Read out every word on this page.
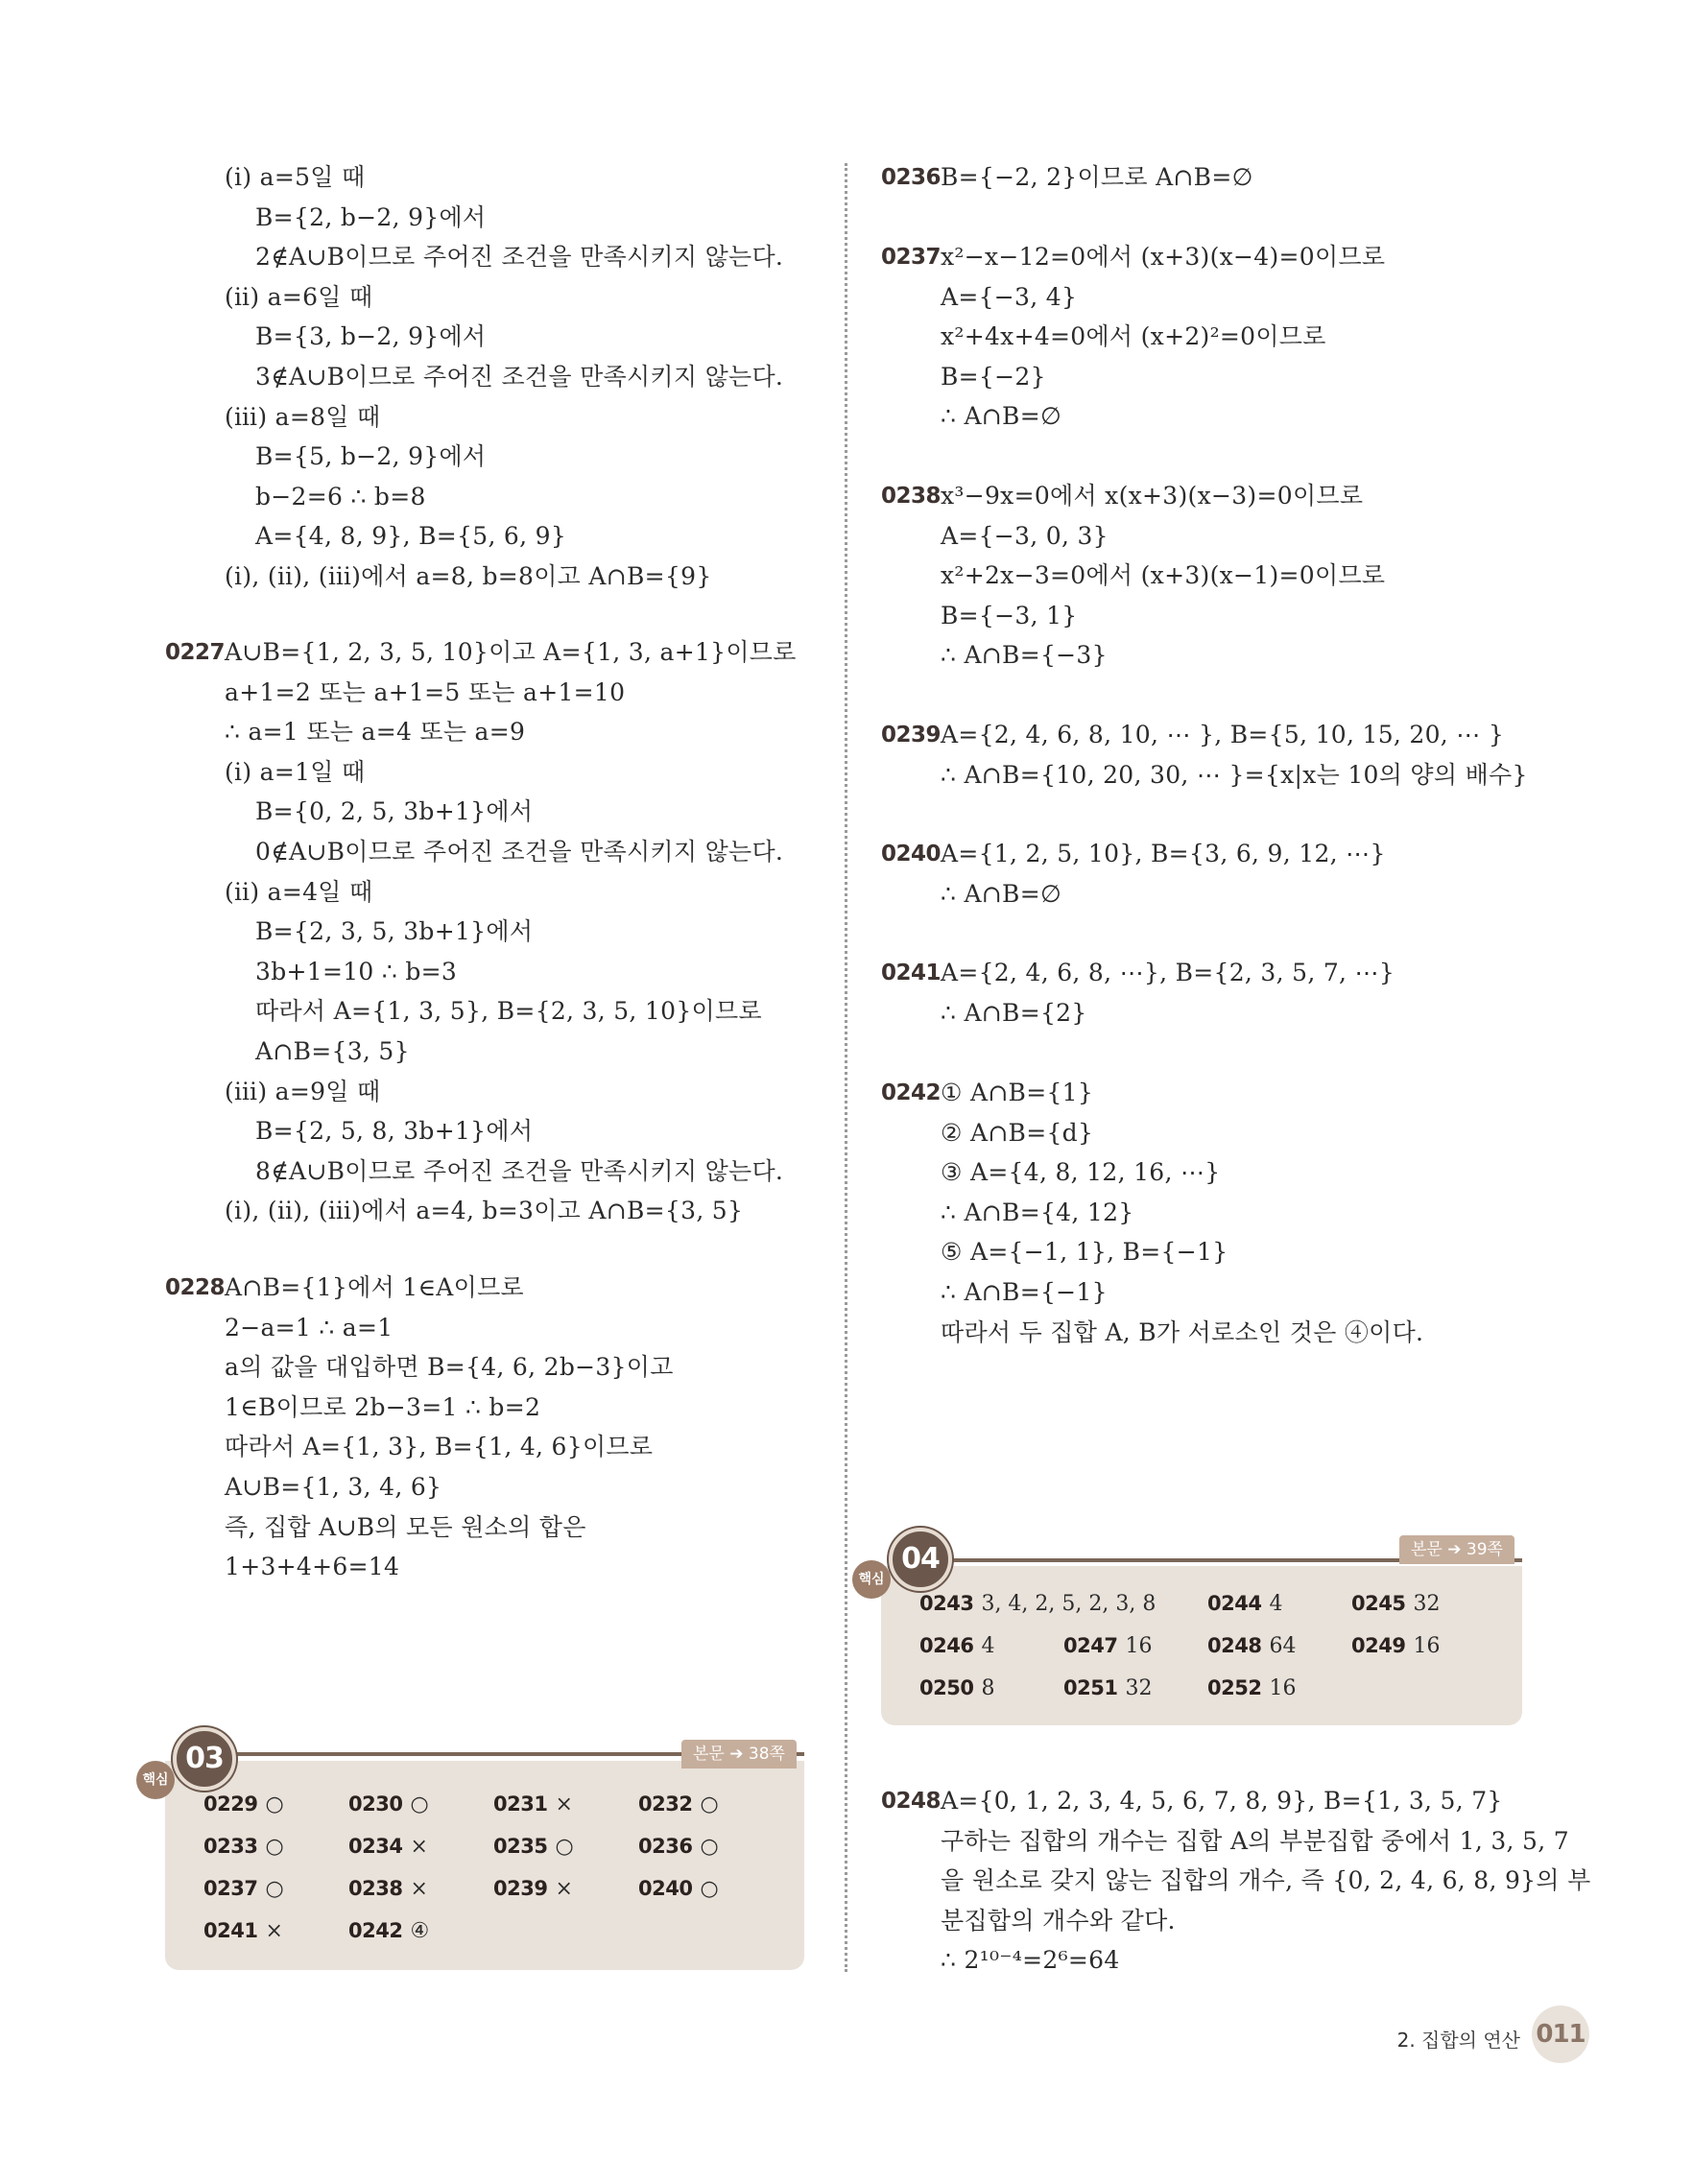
(ⅰ) a=5일 때
B={2, b−2, 9}에서
2∉A∪B이므로 주어진 조건을 만족시키지 않는다.
(ⅱ) a=6일 때
B={3, b−2, 9}에서
3∉A∪B이므로 주어진 조건을 만족시키지 않는다.
(ⅲ) a=8일 때
B={5, b−2, 9}에서
b−2=6 ∴ b=8
A={4, 8, 9}, B={5, 6, 9}
(ⅰ), (ⅱ), (ⅲ)에서 a=8, b=8이고 A∩B={9}
0227 A∪B={1, 2, 3, 5, 10}이고 A={1, 3, a+1}이므로
a+1=2 또는 a+1=5 또는 a+1=10
∴ a=1 또는 a=4 또는 a=9
(ⅰ) a=1일 때
B={0, 2, 5, 3b+1}에서
0∉A∪B이므로 주어진 조건을 만족시키지 않는다.
(ⅱ) a=4일 때
B={2, 3, 5, 3b+1}에서
3b+1=10 ∴ b=3
따라서 A={1, 3, 5}, B={2, 3, 5, 10}이므로
A∩B={3, 5}
(ⅲ) a=9일 때
B={2, 5, 8, 3b+1}에서
8∉A∪B이므로 주어진 조건을 만족시키지 않는다.
(ⅰ), (ⅱ), (ⅲ)에서 a=4, b=3이고 A∩B={3, 5}
0228 A∩B={1}에서 1∈A이므로
2−a=1 ∴ a=1
a의 값을 대입하면 B={4, 6, 2b−3}이고
1∈B이므로 2b−3=1 ∴ b=2
따라서 A={1, 3}, B={1, 4, 6}이므로
A∪B={1, 3, 4, 6}
즉, 집합 A∪B의 모든 원소의 합은
1+3+4+6=14
0236 B={−2, 2}이므로 A∩B=∅
0237 x²−x−12=0에서 (x+3)(x−4)=0이므로
A={−3, 4}
x²+4x+4=0에서 (x+2)²=0이므로
B={−2}
∴ A∩B=∅
0238 x³−9x=0에서 x(x+3)(x−3)=0이므로
A={−3, 0, 3}
x²+2x−3=0에서 (x+3)(x−1)=0이므로
B={−3, 1}
∴ A∩B={−3}
0239 A={2, 4, 6, 8, 10, ⋯ }, B={5, 10, 15, 20, ⋯ }
∴ A∩B={10, 20, 30, ⋯ }={x|x는 10의 양의 배수}
0240 A={1, 2, 5, 10}, B={3, 6, 9, 12, ⋯}
∴ A∩B=∅
0241 A={2, 4, 6, 8, ⋯}, B={2, 3, 5, 7, ⋯}
∴ A∩B={2}
0242 ① A∩B={1}
② A∩B={d}
③ A={4, 8, 12, 16, ⋯}
∴ A∩B={4, 12}
⑤ A={−1, 1}, B={−1}
∴ A∩B={−1}
따라서 두 집합 A, B가 서로소인 것은 ④이다.
0248 A={0, 1, 2, 3, 4, 5, 6, 7, 8, 9}, B={1, 3, 5, 7}
구하는 집합의 개수는 집합 A의 부분집합 중에서 1, 3, 5, 7
을 원소로 갖지 않는 집합의 개수, 즉 {0, 2, 4, 6, 8, 9}의 부
분집합의 개수와 같다.
∴ 2¹⁰⁻⁴=2⁶=64
본문 ➔ 38쪽
03
핵심
0229 ○	0230 ○	0231 ×	0232 ○
0233 ○	0234 ×	0235 ○	0236 ○
0237 ○	0238 ×	0239 ×	0240 ○
0241 ×	0242 ④
본문 ➔ 39쪽
04
핵심
0243 3, 4, 2, 5, 2, 3, 8	0244 4	0245 32
0246 4	0247 16	0248 64	0249 16
0250 8	0251 32	0252 16
2. 집합의 연산 011
